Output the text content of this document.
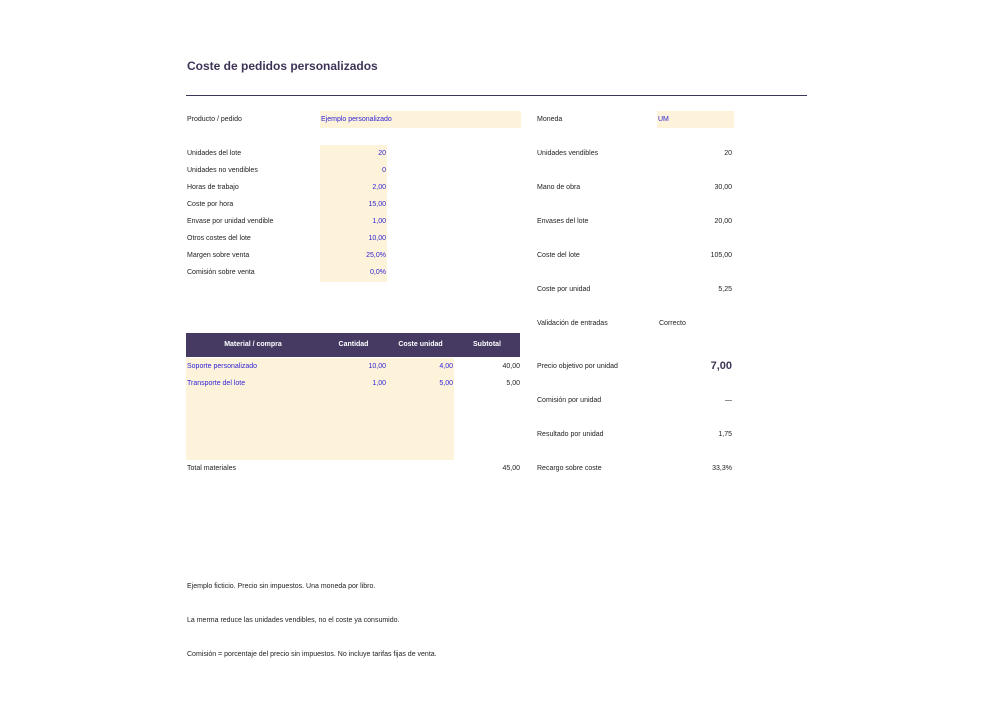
Coste de pedidos personalizados
Producto / pedido	Ejemplo personalizado	Moneda	UM
Unidades del lote	20
Unidades no vendibles	0
Horas de trabajo	2,00
Coste por hora	15,00
Envase por unidad vendible	1,00
Otros costes del lote	10,00
Margen sobre venta	25,0%
Comisión sobre venta	0,0%
Unidades vendibles	20
Mano de obra	30,00
Envases del lote	20,00
Coste del lote	105,00
Coste por unidad	5,25
Validación de entradas	Correcto
Precio objetivo por unidad	7,00
Comisión por unidad	—
Resultado por unidad	1,75
Recargo sobre coste	33,3%
Material / compra	Cantidad	Coste unidad	Subtotal
Soporte personalizado	10,00	4,00	40,00
Transporte del lote	1,00	5,00	5,00
Total materiales	45,00
Ejemplo ficticio. Precio sin impuestos. Una moneda por libro.
La merma reduce las unidades vendibles, no el coste ya consumido.
Comisión = porcentaje del precio sin impuestos. No incluye tarifas fijas de venta.
